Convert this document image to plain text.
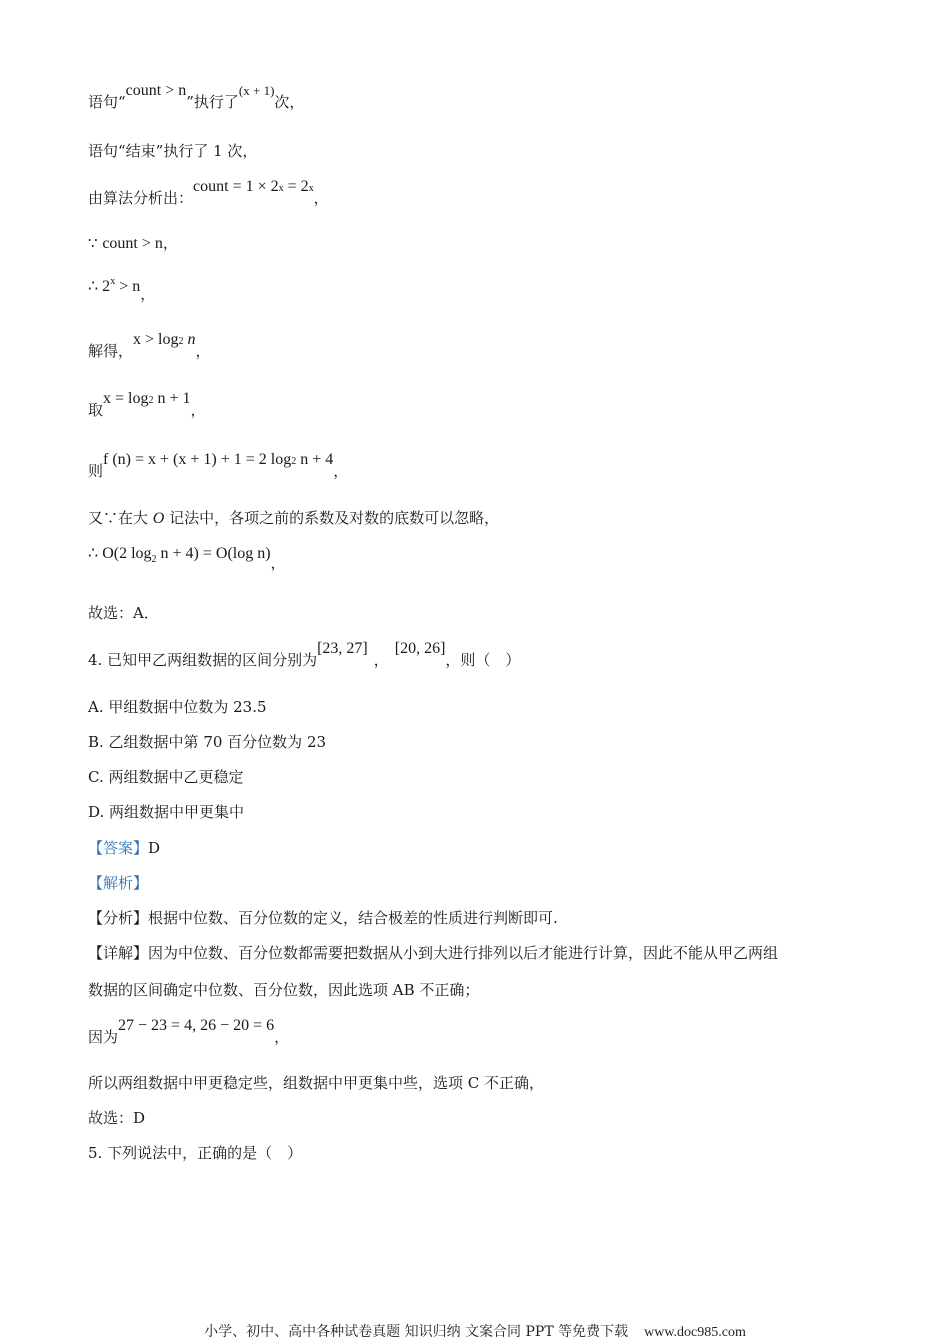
语句“count > n”执行了(x + 1)次，
语句“结束”执行了 1 次，
由算法分析出：count = $1 \times 2^x = 2^x$，
∵ count > n，
∴ $2^x > n$，
解得，$x > \log^2 n$，
取$x = \log^2 n + 1$，
则f (n) = x + (x + 1) + 1 = 2 $\log^2 n + 4$，
又∵在大 O 记法中，各项之前的系数及对数的底数可以忽略，
∴ O(2 $\log_2 n + 4) = O(\log$ n)，
故选：A．
4. 已知甲乙两组数据的区间分别为[23, 27]，[20, 26]，则（　）
A. 甲组数据中位数为 23.5
B. 乙组数据中第 70 百分位数为 23
C. 两组数据中乙更稳定
D. 两组数据中甲更集中
【答案】D
【解析】
【分析】根据中位数、百分位数的定义，结合极差的性质进行判断即可.
【详解】因为中位数、百分位数都需要把数据从小到大进行排列以后才能进行计算，因此不能从甲乙两组
数据的区间确定中位数、百分位数，因此选项 AB 不正确；
因为27 − 23 = 4, 26 − 20 = 6，
所以两组数据中甲更稳定些，组数据中甲更集中些，选项 C 不正确，
故选：D
5. 下列说法中，正确的是（　）
小学、初中、高中各种试卷真题 知识归纳 文案合同 PPT 等免费下载 www.doc985.com
